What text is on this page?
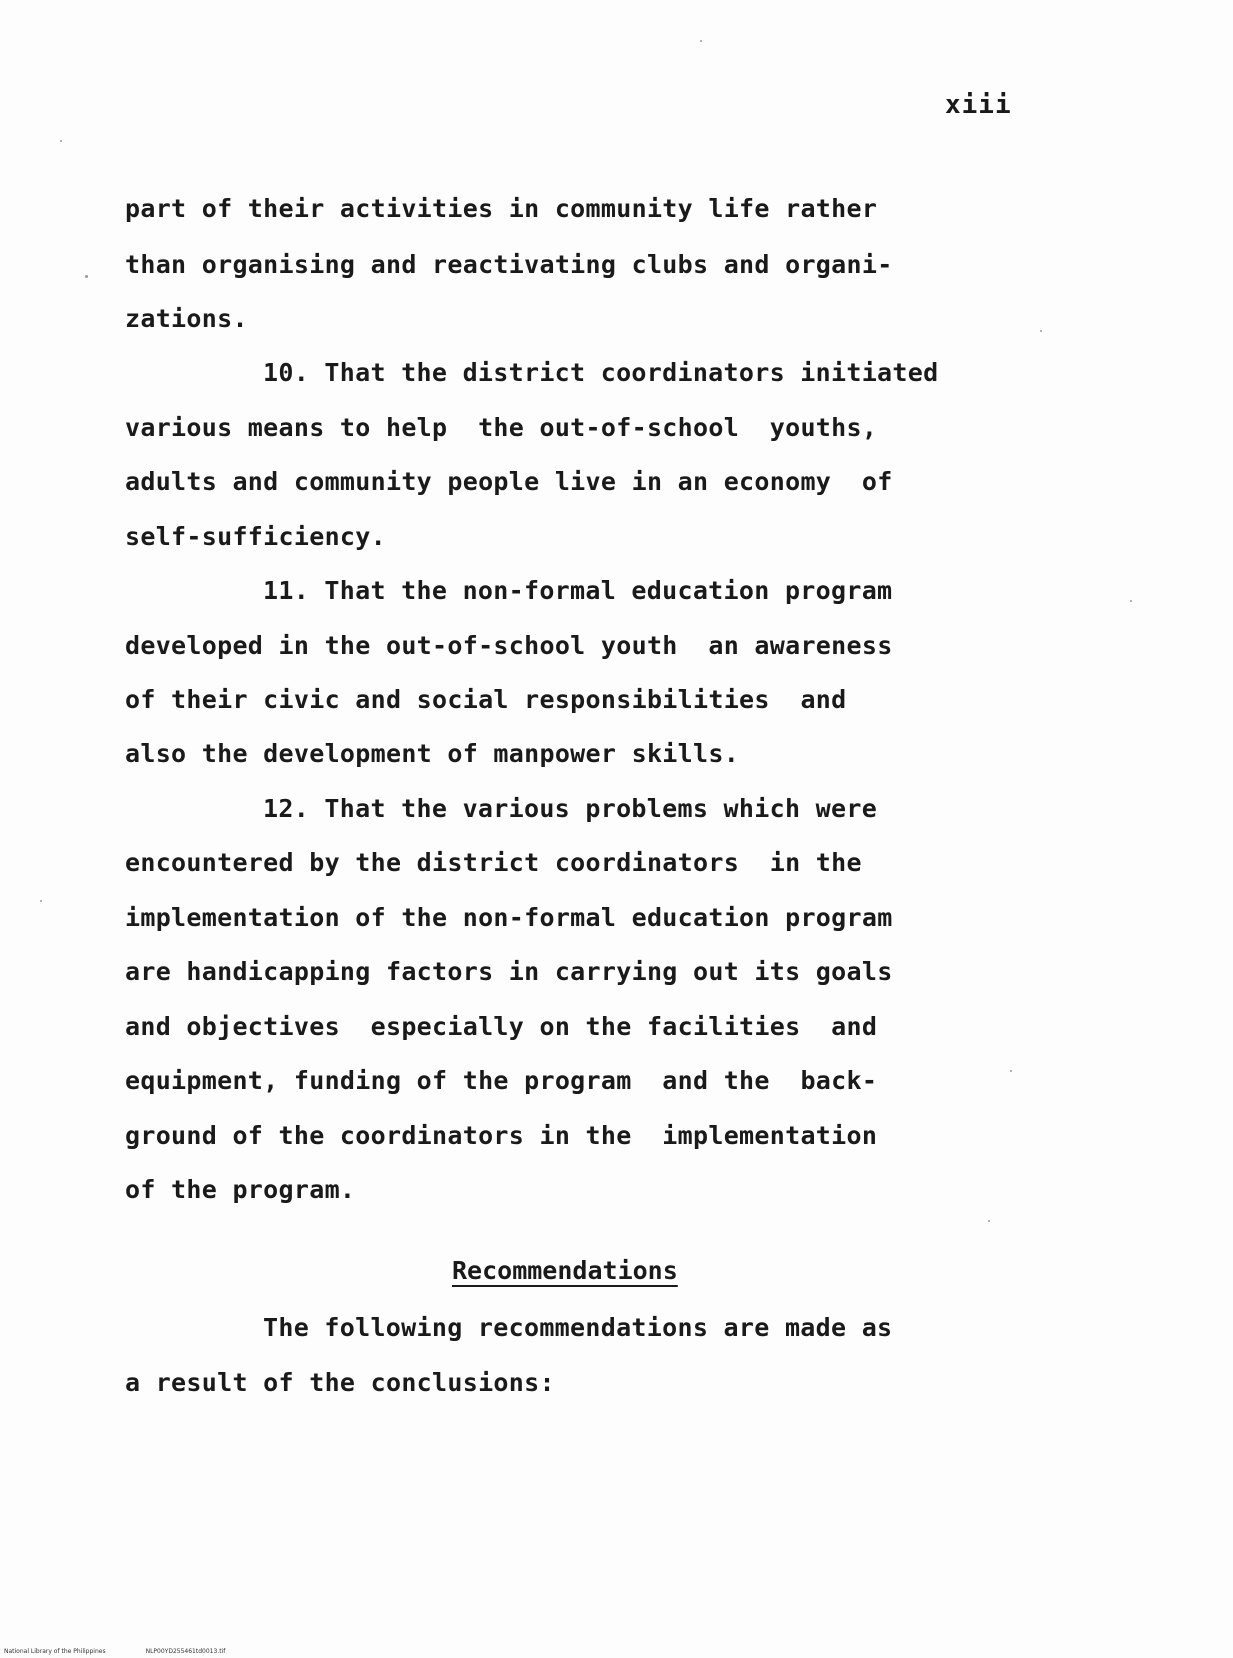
xiii
part of their activities in community life rather
than organising and reactivating clubs and organi-
zations.
10. That the district coordinators initiated
various means to help  the out-of-school  youths,
adults and community people live in an economy  of
self-sufficiency.
11. That the non-formal education program
developed in the out-of-school youth  an awareness
of their civic and social responsibilities  and
also the development of manpower skills.
12. That the various problems which were
encountered by the district coordinators  in the
implementation of the non-formal education program
are handicapping factors in carrying out its goals
and objectives  especially on the facilities  and
equipment, funding of the program  and the  back-
ground of the coordinators in the  implementation
of the program.
Recommendations
The following recommendations are made as
a result of the conclusions:
National Library of the Philippines	NLP00YD255461td0013.tif
